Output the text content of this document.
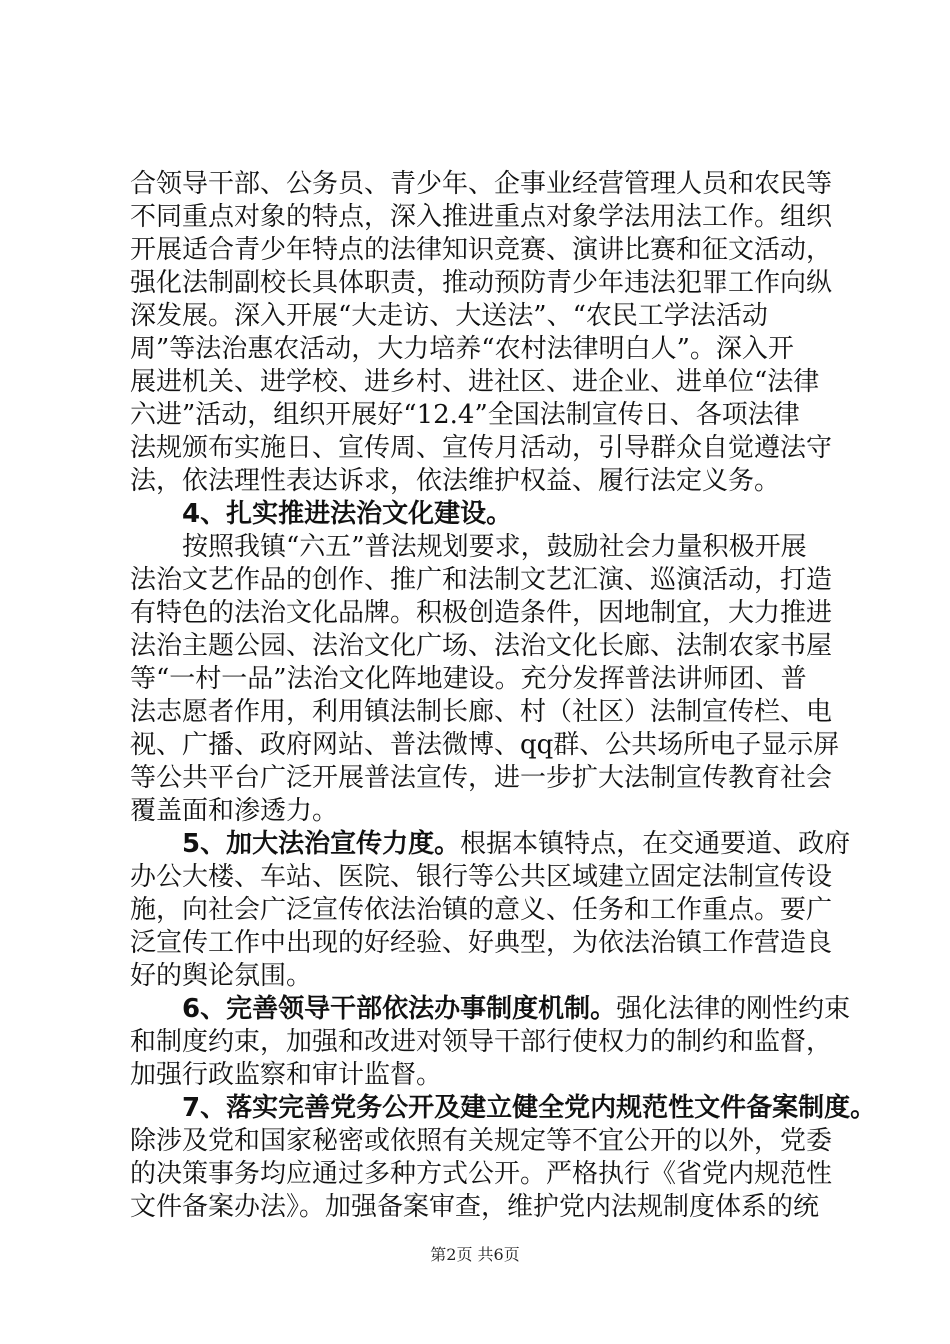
合领导干部、公务员、青少年、企事业经营管理人员和农民等
不同重点对象的特点，深入推进重点对象学法用法工作。组织
开展适合青少年特点的法律知识竞赛、演讲比赛和征文活动，
强化法制副校长具体职责，推动预防青少年违法犯罪工作向纵
深发展。深入开展“大走访、大送法”、“农民工学法活动
周”等法治惠农活动，大力培养“农村法律明白人”。深入开
展进机关、进学校、进乡村、进社区、进企业、进单位“法律
六进”活动，组织开展好“12.4”全国法制宣传日、各项法律
法规颁布实施日、宣传周、宣传月活动，引导群众自觉遵法守
法，依法理性表达诉求，依法维护权益、履行法定义务。
4、扎实推进法治文化建设。
按照我镇“六五”普法规划要求，鼓励社会力量积极开展
法治文艺作品的创作、推广和法制文艺汇演、巡演活动，打造
有特色的法治文化品牌。积极创造条件，因地制宜，大力推进
法治主题公园、法治文化广场、法治文化长廊、法制农家书屋
等“一村一品”法治文化阵地建设。充分发挥普法讲师团、普
法志愿者作用，利用镇法制长廊、村（社区）法制宣传栏、电
视、广播、政府网站、普法微博、qq群、公共场所电子显示屏
等公共平台广泛开展普法宣传，进一步扩大法制宣传教育社会
覆盖面和渗透力。
5、加大法治宣传力度。根据本镇特点，在交通要道、政府
办公大楼、车站、医院、银行等公共区域建立固定法制宣传设
施，向社会广泛宣传依法治镇的意义、任务和工作重点。要广
泛宣传工作中出现的好经验、好典型，为依法治镇工作营造良
好的舆论氛围。
6、完善领导干部依法办事制度机制。强化法律的刚性约束
和制度约束，加强和改进对领导干部行使权力的制约和监督，
加强行政监察和审计监督。
7、落实完善党务公开及建立健全党内规范性文件备案制度。
除涉及党和国家秘密或依照有关规定等不宜公开的以外，党委
的决策事务均应通过多种方式公开。严格执行《省党内规范性
文件备案办法》。加强备案审查，维护党内法规制度体系的统
第2页 共6页
